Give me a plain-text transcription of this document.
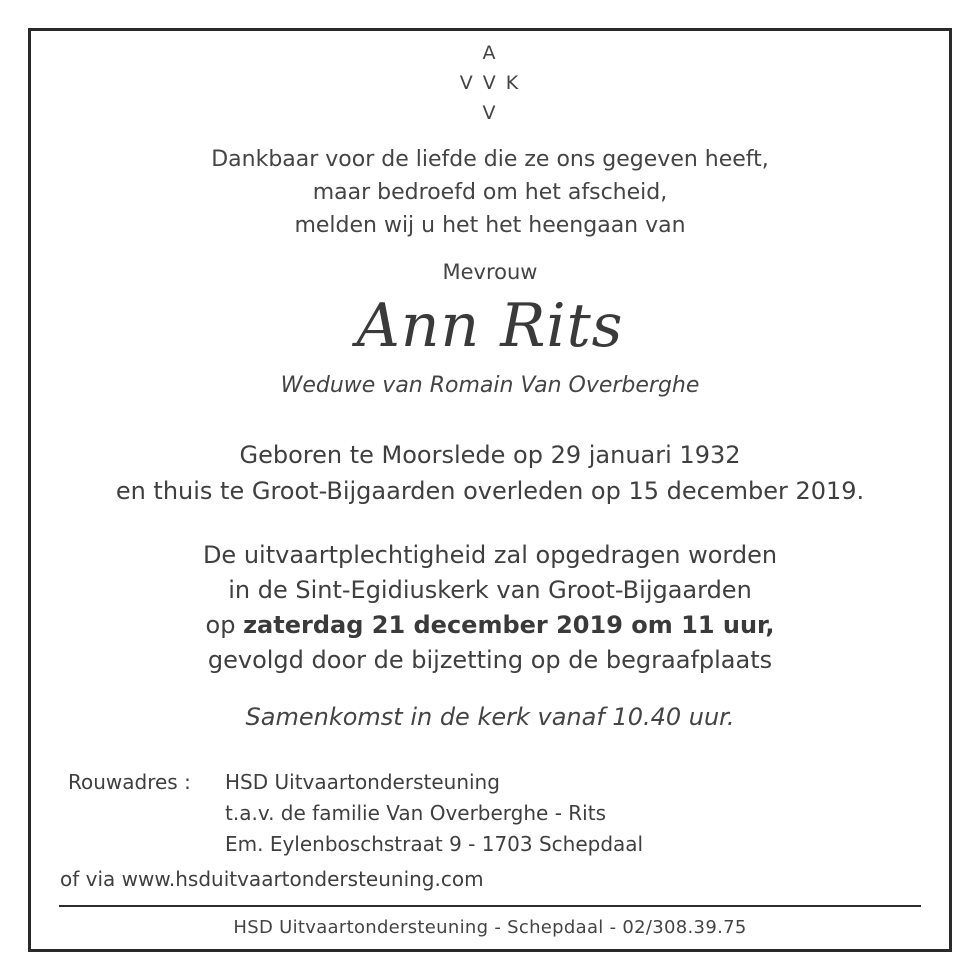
A
V V K
V
Dankbaar voor de liefde die ze ons gegeven heeft,
maar bedroefd om het afscheid,
melden wij u het het heengaan van
Mevrouw
Ann Rits
Weduwe van Romain Van Overberghe
Geboren te Moorslede op 29 januari 1932
en thuis te Groot-Bijgaarden overleden op 15 december 2019.
De uitvaartplechtigheid zal opgedragen worden
in de Sint-Egidiuskerk van Groot-Bijgaarden
op zaterdag 21 december 2019 om 11 uur,
gevolgd door de bijzetting op de begraafplaats
Samenkomst in de kerk vanaf 10.40 uur.
Rouwadres : HSD Uitvaartondersteuning
t.a.v. de familie Van Overberghe - Rits
Em. Eylenboschstraat 9 - 1703 Schepdaal
of via www.hsduitvaartondersteuning.com
HSD Uitvaartondersteuning - Schepdaal - 02/308.39.75
